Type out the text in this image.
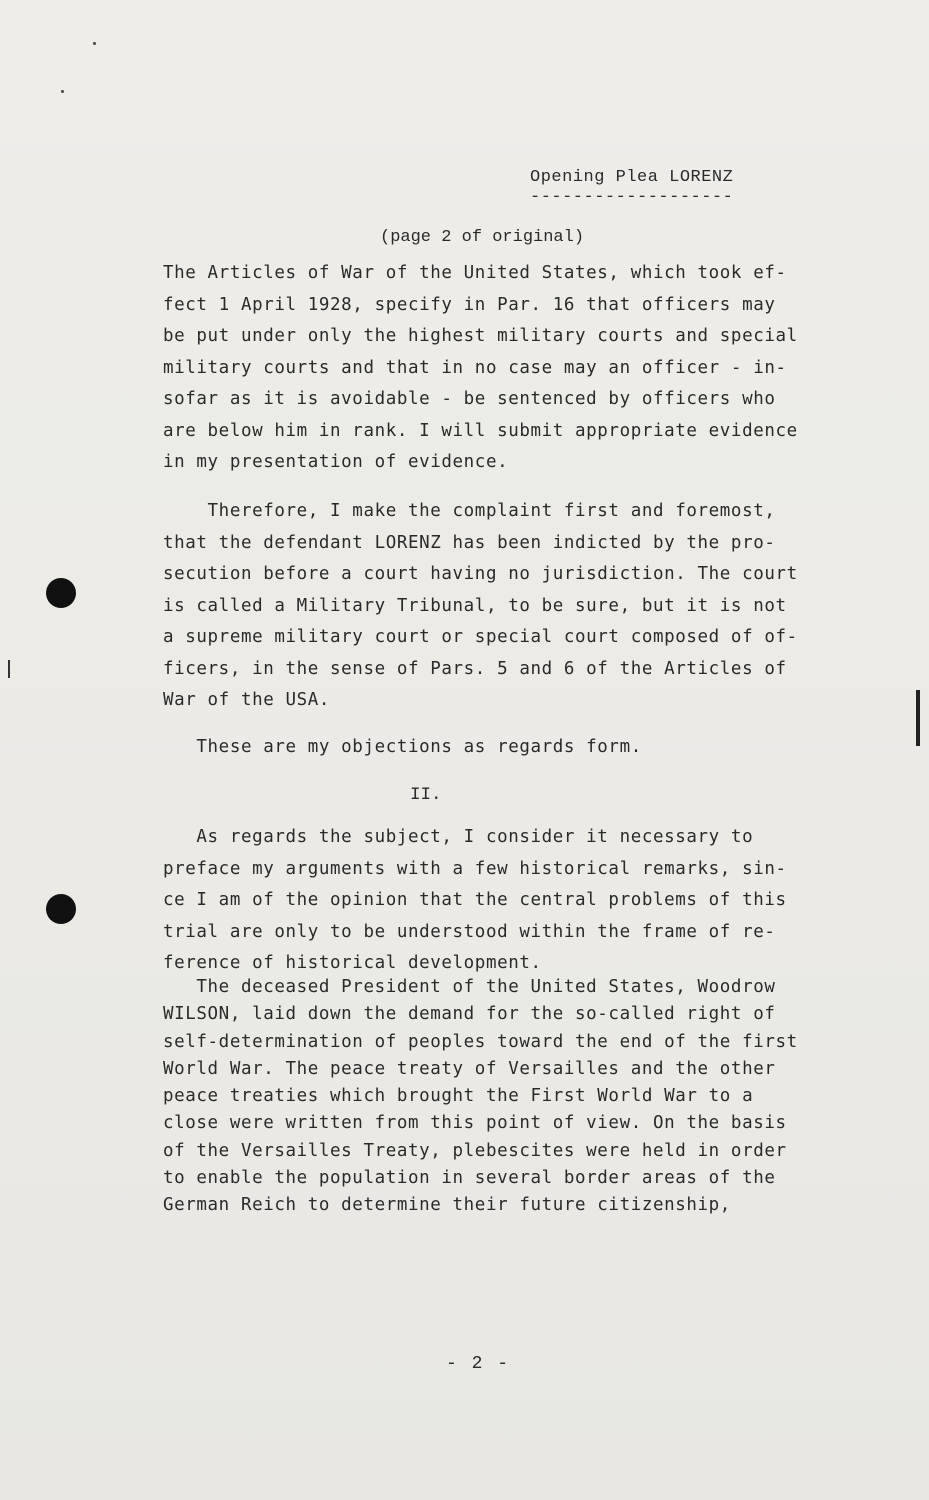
Opening Plea LORENZ
-------------------
(page 2 of original)
The Articles of War of the United States, which took ef-
fect 1 April 1928, specify in Par. 16 that officers may
be put under only the highest military courts and special
military courts and that in no case may an officer - in-
sofar as it is avoidable - be sentenced by officers who
are below him in rank. I will submit appropriate evidence
in my presentation of evidence.
Therefore, I make the complaint first and foremost,
that the defendant LORENZ has been indicted by the pro-
secution before a court having no jurisdiction. The court
is called a Military Tribunal, to be sure, but it is not
a supreme military court or special court composed of of-
ficers, in the sense of Pars. 5 and 6 of the Articles of
War of the USA.
These are my objections as regards form.
II.
As regards the subject, I consider it necessary to
preface my arguments with a few historical remarks, sin-
ce I am of the opinion that the central problems of this
trial are only to be understood within the frame of re-
ference of historical development.
The deceased President of the United States, Woodrow
WILSON, laid down the demand for the so-called right of
self-determination of peoples toward the end of the first
World War. The peace treaty of Versailles and the other
peace treaties which brought the First World War to a
close were written from this point of view. On the basis
of the Versailles Treaty, plebescites were held in order
to enable the population in several border areas of the
German Reich to determine their future citizenship,
- 2 -
